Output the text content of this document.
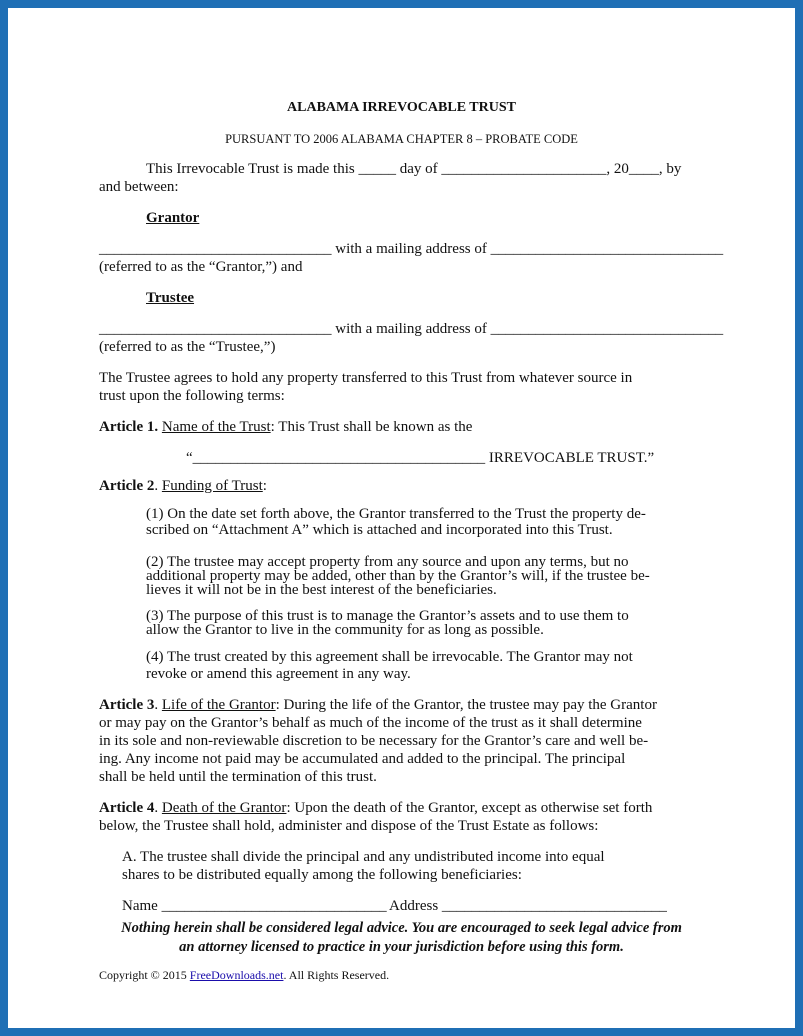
ALABAMA IRREVOCABLE TRUST
PURSUANT TO 2006 ALABAMA CHAPTER 8 – PROBATE CODE
This Irrevocable Trust is made this _____ day of ______________________, 20____, by
and between:
Grantor
_______________________________ with a mailing address of _______________________________
(referred to as the “Grantor,”) and
Trustee
_______________________________ with a mailing address of _______________________________
(referred to as the “Trustee,”)
The Trustee agrees to hold any property transferred to this Trust from whatever source in
trust upon the following terms:
Article 1. Name of the Trust: This Trust shall be known as the
“_______________________________________ IRREVOCABLE TRUST.”
Article 2. Funding of Trust:
(1) On the date set forth above, the Grantor transferred to the Trust the property de-
scribed on “Attachment A” which is attached and incorporated into this Trust.
(2) The trustee may accept property from any source and upon any terms, but no
additional property may be added, other than by the Grantor’s will, if the trustee be-
lieves it will not be in the best interest of the beneficiaries.
(3) The purpose of this trust is to manage the Grantor’s assets and to use them to
allow the Grantor to live in the community for as long as possible.
(4) The trust created by this agreement shall be irrevocable. The Grantor may not
revoke or amend this agreement in any way.
Article 3. Life of the Grantor: During the life of the Grantor, the trustee may pay the Grantor
or may pay on the Grantor’s behalf as much of the income of the trust as it shall determine
in its sole and non-reviewable discretion to be necessary for the Grantor’s care and well be-
ing. Any income not paid may be accumulated and added to the principal. The principal
shall be held until the termination of this trust.
Article 4. Death of the Grantor: Upon the death of the Grantor, except as otherwise set forth
below, the Trustee shall hold, administer and dispose of the Trust Estate as follows:
A. The trustee shall divide the principal and any undistributed income into equal
shares to be distributed equally among the following beneficiaries:
Name ______________________________ Address ______________________________
Nothing herein shall be considered legal advice. You are encouraged to seek legal advice from
an attorney licensed to practice in your jurisdiction before using this form.
Copyright © 2015 FreeDownloads.net. All Rights Reserved.
